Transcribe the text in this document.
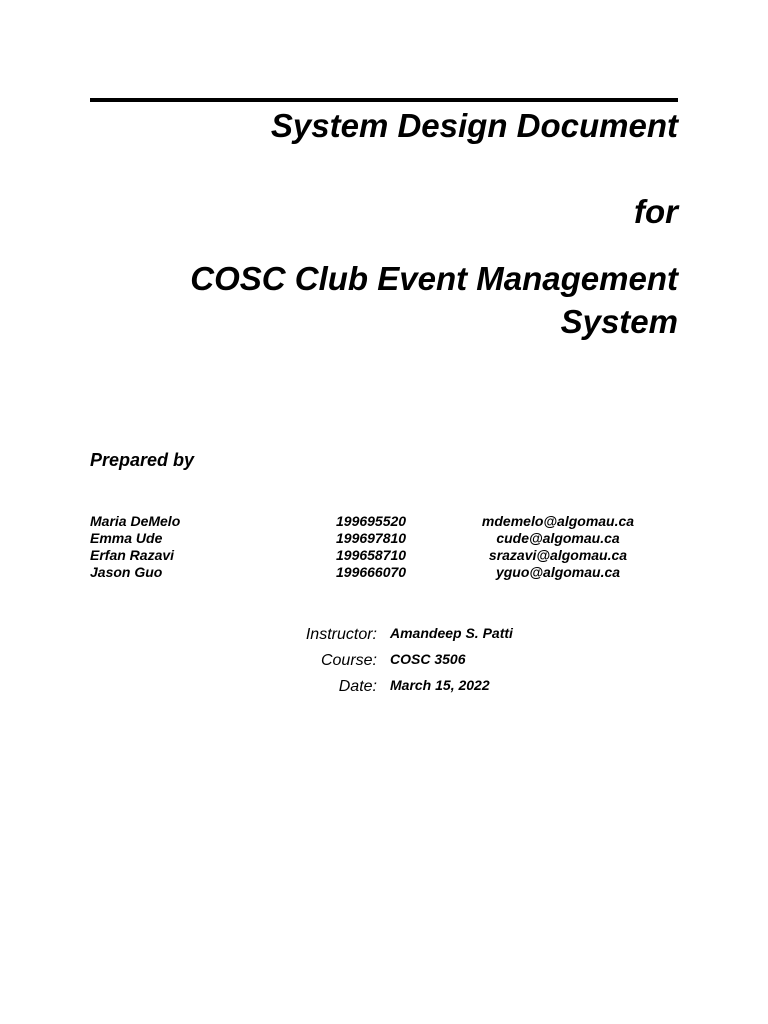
System Design Document
for
COSC Club Event Management
System
Prepared by
Maria DeMelo	199695520	mdemelo@algomau.ca
Emma Ude	199697810	cude@algomau.ca
Erfan Razavi	199658710	srazavi@algomau.ca
Jason Guo	199666070	yguo@algomau.ca
Instructor: Amandeep S. Patti
Course: COSC 3506
Date: March 15, 2022
